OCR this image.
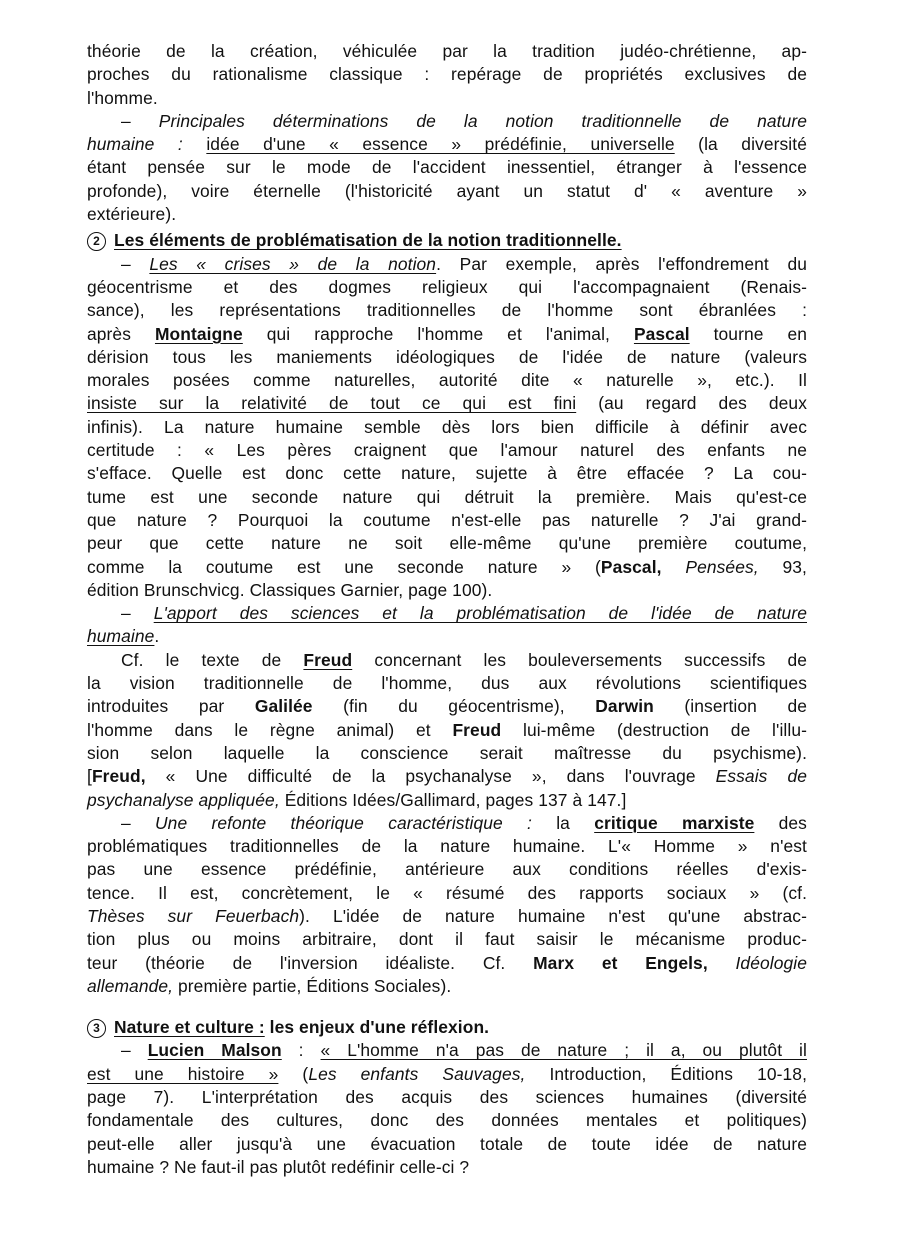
théorie de la création, véhiculée par la tradition judéo-chrétienne, ap-
proches du rationalisme classique : repérage de propriétés exclusives de
l'homme.
– Principales déterminations de la notion traditionnelle de nature
humaine : idée d'une « essence » prédéfinie, universelle (la diversité
étant pensée sur le mode de l'accident inessentiel, étranger à l'essence
profonde), voire éternelle (l'historicité ayant un statut d' « aventure »
extérieure).
2 Les éléments de problématisation de la notion traditionnelle.
– Les « crises » de la notion. Par exemple, après l'effondrement du
géocentrisme et des dogmes religieux qui l'accompagnaient (Renais-
sance), les représentations traditionnelles de l'homme sont ébranlées :
après Montaigne qui rapproche l'homme et l'animal, Pascal tourne en
dérision tous les maniements idéologiques de l'idée de nature (valeurs
morales posées comme naturelles, autorité dite « naturelle », etc.). Il
insiste sur la relativité de tout ce qui est fini (au regard des deux
infinis). La nature humaine semble dès lors bien difficile à définir avec
certitude : « Les pères craignent que l'amour naturel des enfants ne
s'efface. Quelle est donc cette nature, sujette à être effacée ? La cou-
tume est une seconde nature qui détruit la première. Mais qu'est-ce
que nature ? Pourquoi la coutume n'est-elle pas naturelle ? J'ai grand-
peur que cette nature ne soit elle-même qu'une première coutume,
comme la coutume est une seconde nature » (Pascal, Pensées, 93,
édition Brunschvicg. Classiques Garnier, page 100).
– L'apport des sciences et la problématisation de l'idée de nature
humaine.
Cf. le texte de Freud concernant les bouleversements successifs de
la vision traditionnelle de l'homme, dus aux révolutions scientifiques
introduites par Galilée (fin du géocentrisme), Darwin (insertion de
l'homme dans le règne animal) et Freud lui-même (destruction de l'illu-
sion selon laquelle la conscience serait maîtresse du psychisme).
[Freud, « Une difficulté de la psychanalyse », dans l'ouvrage Essais de
psychanalyse appliquée, Éditions Idées/Gallimard, pages 137 à 147.]
– Une refonte théorique caractéristique : la critique marxiste des
problématiques traditionnelles de la nature humaine. L'« Homme » n'est
pas une essence prédéfinie, antérieure aux conditions réelles d'exis-
tence. Il est, concrètement, le « résumé des rapports sociaux » (cf.
Thèses sur Feuerbach). L'idée de nature humaine n'est qu'une abstrac-
tion plus ou moins arbitraire, dont il faut saisir le mécanisme produc-
teur (théorie de l'inversion idéaliste. Cf. Marx et Engels, Idéologie
allemande, première partie, Éditions Sociales).
3 Nature et culture : les enjeux d'une réflexion.
– Lucien Malson : « L'homme n'a pas de nature ; il a, ou plutôt il
est une histoire » (Les enfants Sauvages, Introduction, Éditions 10-18,
page 7). L'interprétation des acquis des sciences humaines (diversité
fondamentale des cultures, donc des données mentales et politiques)
peut-elle aller jusqu'à une évacuation totale de toute idée de nature
humaine ? Ne faut-il pas plutôt redéfinir celle-ci ?
